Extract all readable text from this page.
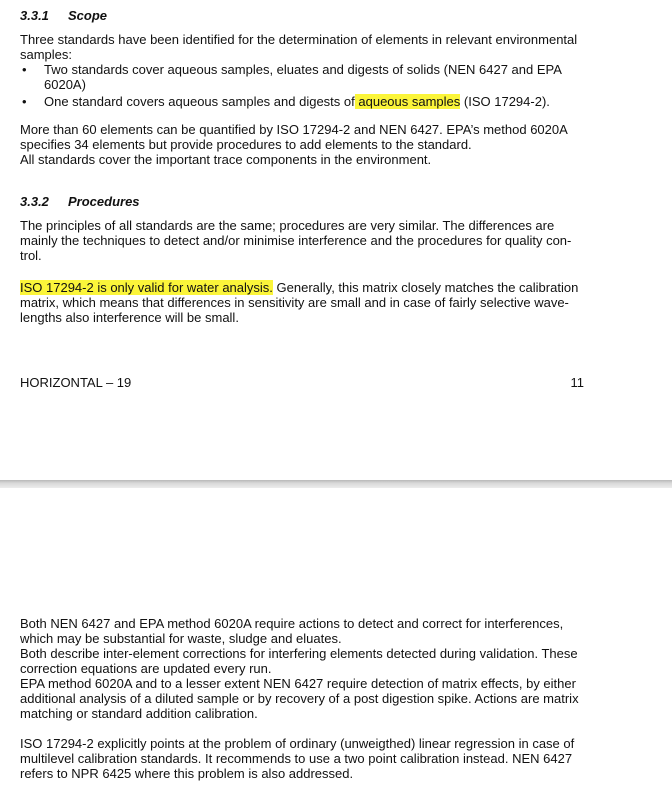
3.3.1 Scope

Three standards have been identified for the determination of elements in relevant environmental
samples:

• Two standards cover aqueous samples, eluates and digests of solids (NEN 6427 and EPA
6020A)
• One standard covers aqueous samples and digests of aqueous samples (ISO 17294-2).

More than 60 elements can be quantified by ISO 17294-2 and NEN 6427. EPA’s method 6020A
specifies 34 elements but provide procedures to add elements to the standard.
All standards cover the important trace components in the environment.

3.3.2 Procedures

The principles of all standards are the same; procedures are very similar. The differences are
mainly the techniques to detect and/or minimise interference and the procedures for quality con-
trol.

ISO 17294-2 is only valid for water analysis. Generally, this matrix closely matches the calibration
matrix, which means that differences in sensitivity are small and in case of fairly selective wave-
lengths also interference will be small.

HORIZONTAL – 19	11

Both NEN 6427 and EPA method 6020A require actions to detect and correct for interferences,
which may be substantial for waste, sludge and eluates.
Both describe inter-element corrections for interfering elements detected during validation. These
correction equations are updated every run.
EPA method 6020A and to a lesser extent NEN 6427 require detection of matrix effects, by either
additional analysis of a diluted sample or by recovery of a post digestion spike. Actions are matrix
matching or standard addition calibration.

ISO 17294-2 explicitly points at the problem of ordinary (unweigthed) linear regression in case of
multilevel calibration standards. It recommends to use a two point calibration instead. NEN 6427
refers to NPR 6425 where this problem is also addressed.
